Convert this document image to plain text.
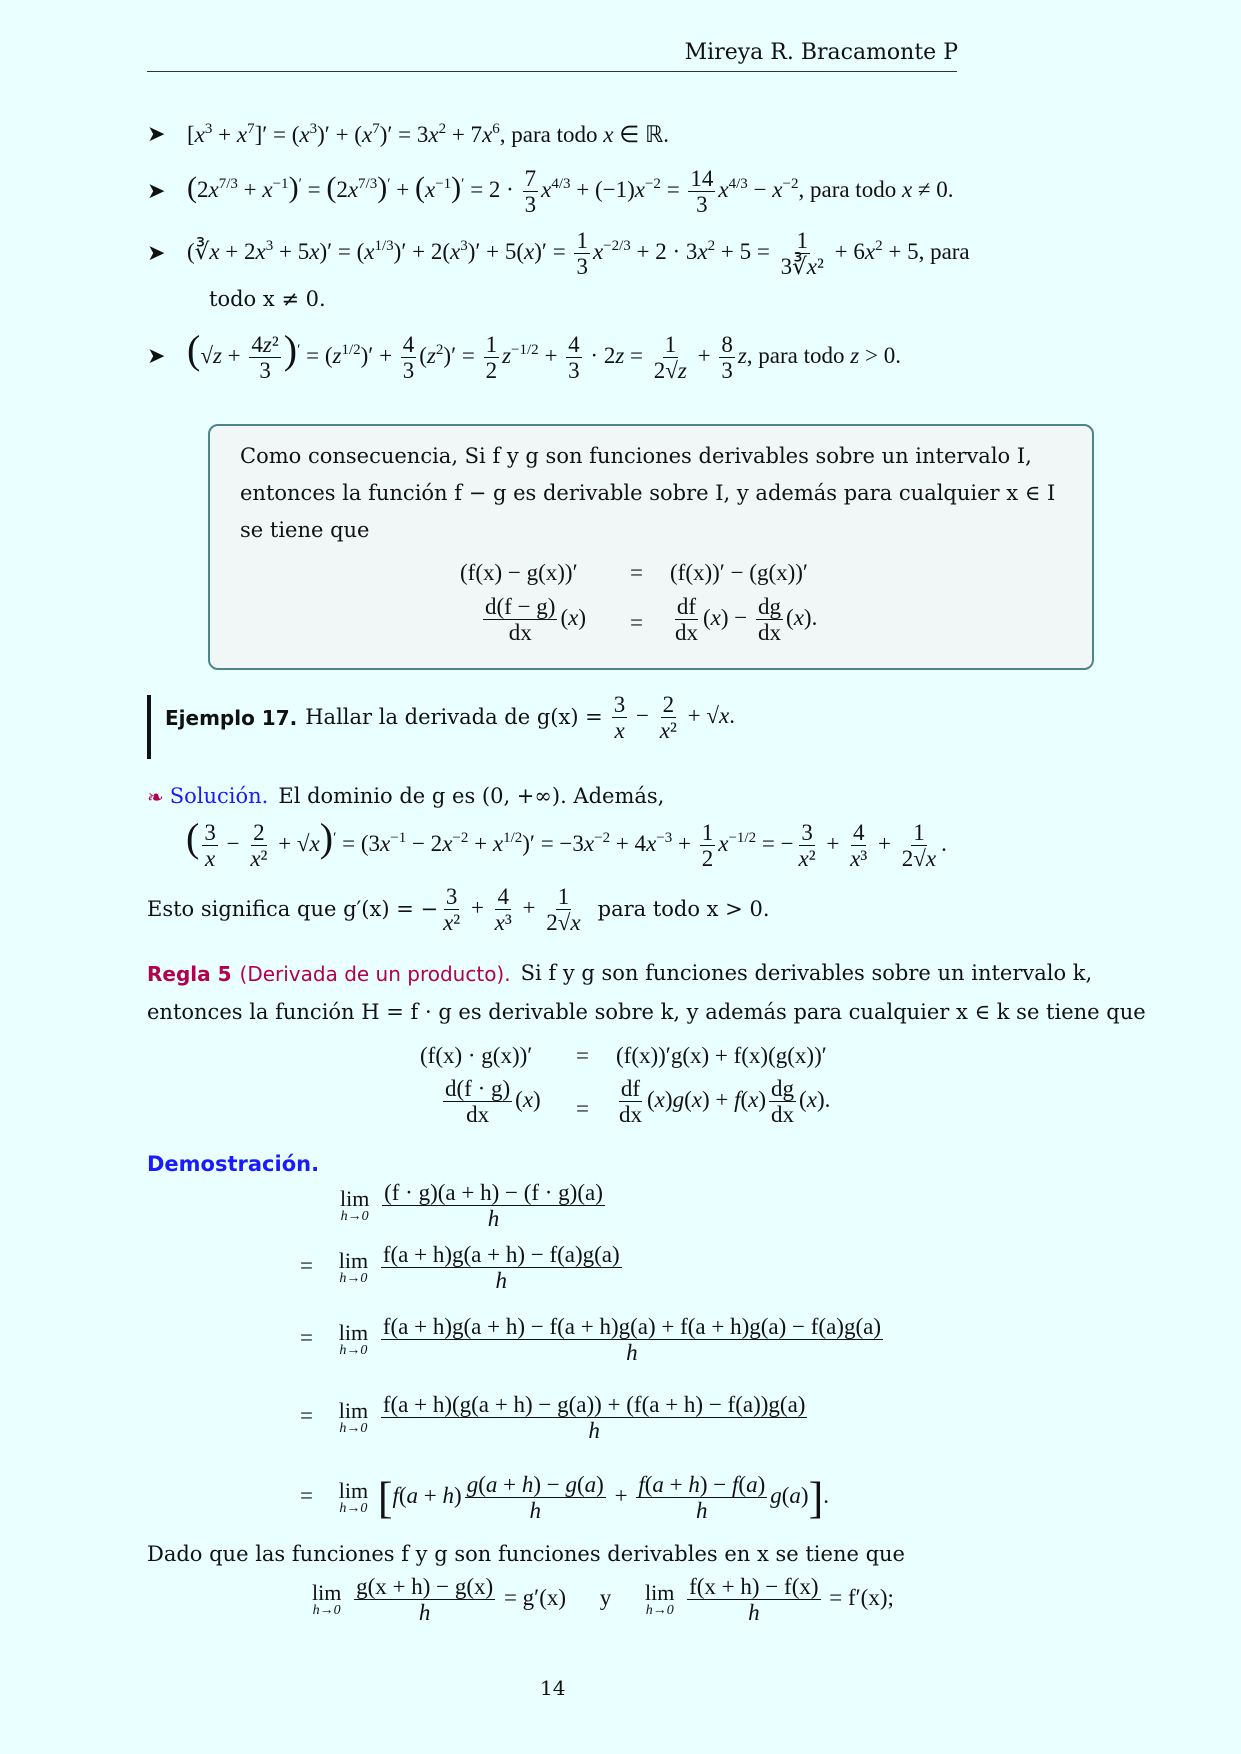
Mireya R. Bracamonte P
➤ $[x^3 + x^7]' = (x^3)' + (x^7)' = 3x^2 + 7x^6$, para todo x ∈ ℝ.
➤ $(2x^{7/3} + x^{-1})' = (2x^{7/3})' + (x^{-1})' = 2 \cdot \frac{7}{3} x^{4/3} + (-1)x^{-2} = \frac{14}{3} x^{4/3} - x^{-2}$, para todo x ≠ 0.
➤ (∛x + $2x^3 + 5x)' = (x^{1/3})' + 2(x^3)' + 5(x)' = \frac{1}{3} x^{-2/3} + 2 \cdot 3x^2 + 5 = \frac{1}{\text{3∛x²}} + 6x^2 + 5$, para
todo x ≠ 0.
➤ $(√z + \frac{\text{4z²}}{3} )' = (z^{1/2})' + \frac{4}{3} (z^2)' = \frac{1}{2} z^{-1/2} + \frac{4}{3} \cdot 2z = \frac{1}{2√z} + \frac{8}{3} z$, para todo z > 0.
Como consecuencia, Si f y g son funciones derivables sobre un intervalo I,
entonces la función f − g es derivable sobre I, y además para cualquier x ∈ I
se tiene que
(f(x) − g(x))′ = (f(x))′ − (g(x))′
$\frac{d(f - g)}{dx} (x) = \frac{df}{dx} (x) - \frac{dg}{dx} (x)$.
Ejemplo 17. Hallar la derivada de $g(x) = \frac{3}{x} - \frac{2}{\text{x²}} + √x$.
❧ Solución. El dominio de g es (0, +∞). Además,
( $\frac{3}{x} - \frac{2}{\text{x²}} + √x)' = (3x^{-1} - 2x^{-2} + x^{1/2})' = -3x^{-2} + 4x^{-3} + \frac{1}{2} x^{-1/2}$ = − $\frac{3}{\text{x²}} + \frac{4}{\text{x³}} + \frac{1}{2√x}$ .
Esto significa que g′(x) = − $\frac{3}{\text{x²}} + \frac{4}{\text{x³}} + \frac{1}{2√x}$ para todo x > 0.
Regla 5 (Derivada de un producto). Si f y g son funciones derivables sobre un intervalo k,
entonces la función H = f · g es derivable sobre k, y además para cualquier x ∈ k se tiene que
(f(x) · g(x))′ = (f(x))′g(x) + f(x)(g(x))′
$\frac{d(f \cdot g)}{dx} (x) = \frac{df}{dx} (x)g(x) + f(x) \frac{dg}{dx} (x)$.
Demostración.
lim
h→0
$\frac{(f \cdot g)(a + h) - (f \cdot g)(a)}{h}$
= lim
h→0
$\frac{f(a + h)g(a + h) - f(a)g(a)}{h}$
= lim
h→0
$\frac{f(a + h)g(a + h) - f(a + h)g(a) + f(a + h)g(a) - f(a)g(a)}{h}$
= lim
h→0
$\frac{f(a + h)(g(a + h) - g(a)) + (f(a + h) - f(a))g(a)}{h}$
= lim
h→0 $[f(a + h) \frac{g(a + h) - g(a)}{h} + \frac{f(a + h) - f(a)}{h} g(a)]$.
Dado que las funciones f y g son funciones derivables en x se tiene que
lim
h→0
$\frac{g(x + h) - g(x)}{h} = g'(x)$ y lim
h→0
$\frac{f(x + h) - f(x)}{h} = f'(x)$;
14
